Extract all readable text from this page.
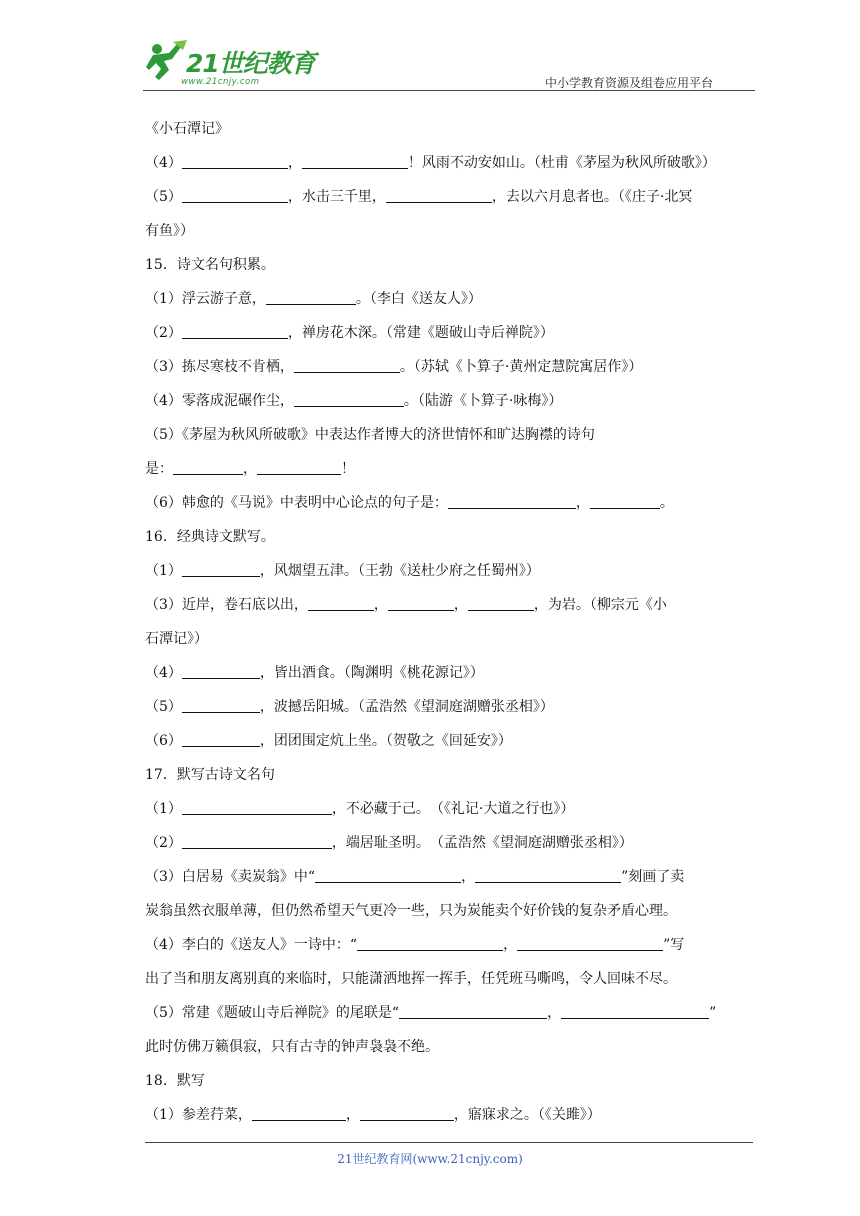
21世纪教育
www.21cnjy.com	中小学教育资源及组卷应用平台
《小石潭记》
（4）	，	！风雨不动安如山。（杜甫《茅屋为秋风所破歌》）
（5）	，水击三千里，	，去以六月息者也。（《庄子·北冥
有鱼》）
15．诗文名句积累。
（1）浮云游子意，	。（李白《送友人》）
（2）	，禅房花木深。（常建《题破山寺后禅院》）
（3）拣尽寒枝不肯栖，	。（苏轼《卜算子·黄州定慧院寓居作》）
（4）零落成泥碾作尘，	。（陆游《卜算子·咏梅》）
（5）《茅屋为秋风所破歌》中表达作者博大的济世情怀和旷达胸襟的诗句
是：	，	！
（6）韩愈的《马说》中表明中心论点的句子是：	，	。
16．经典诗文默写。
（1）	，风烟望五津。（王勃《送杜少府之任蜀州》）
（3）近岸，卷石底以出，	，	，	，为岩。（柳宗元《小
石潭记》）
（4）	，皆出酒食。（陶渊明《桃花源记》）
（5）	，波撼岳阳城。（孟浩然《望洞庭湖赠张丞相》）
（6）	，团团围定炕上坐。（贺敬之《回延安》）
17．默写古诗文名句
（1）	，不必藏于己。　（《礼记·大道之行也》）
（2）	，端居耻圣明。　（孟浩然《望洞庭湖赠张丞相》）
（3）白居易《卖炭翁》中“	，	”刻画了卖
炭翁虽然衣服单薄，但仍然希望天气更冷一些，只为炭能卖个好价钱的复杂矛盾心理。
（4）李白的《送友人》一诗中：“	，	”写
出了当和朋友离别真的来临时，只能潇洒地挥一挥手，任凭班马嘶鸣，令人回味不尽。
（5）常建《题破山寺后禅院》的尾联是“	，	”
此时仿佛万籁俱寂，只有古寺的钟声袅袅不绝。
18．默写
（1）参差荇菜，	，	，寤寐求之。（《关雎》）
21世纪教育网(www.21cnjy.com)
